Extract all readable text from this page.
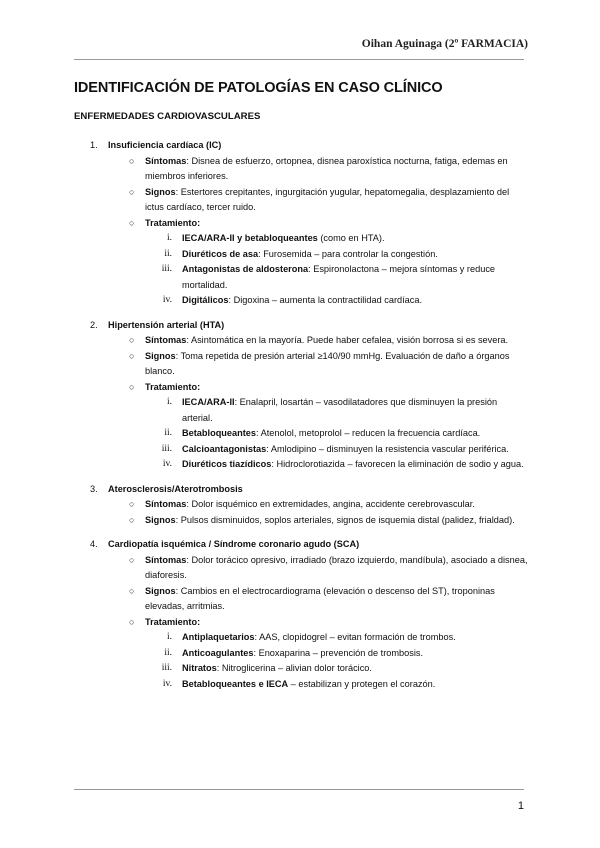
Oihan Aguinaga (2º FARMACIA)
IDENTIFICACIÓN DE PATOLOGÍAS EN CASO CLÍNICO
ENFERMEDADES CARDIOVASCULARES
1. Insuficiencia cardíaca (IC)
○ Síntomas: Disnea de esfuerzo, ortopnea, disnea paroxística nocturna, fatiga, edemas en miembros inferiores.
○ Signos: Estertores crepitantes, ingurgitación yugular, hepatomegalia, desplazamiento del ictus cardíaco, tercer ruido.
○ Tratamiento:
i. IECA/ARA-II y betabloqueantes (como en HTA).
ii. Diuréticos de asa: Furosemida – para controlar la congestión.
iii. Antagonistas de aldosterona: Espironolactona – mejora síntomas y reduce mortalidad.
iv. Digitálicos: Digoxina – aumenta la contractilidad cardíaca.
2. Hipertensión arterial (HTA)
○ Síntomas: Asintomática en la mayoría. Puede haber cefalea, visión borrosa si es severa.
○ Signos: Toma repetida de presión arterial ≥140/90 mmHg. Evaluación de daño a órganos blanco.
○ Tratamiento:
i. IECA/ARA-II: Enalapril, losartán – vasodilatadores que disminuyen la presión arterial.
ii. Betabloqueantes: Atenolol, metoprolol – reducen la frecuencia cardíaca.
iii. Calcioantagonistas: Amlodipino – disminuyen la resistencia vascular periférica.
iv. Diuréticos tiazídicos: Hidroclorotiazida – favorecen la eliminación de sodio y agua.
3. Aterosclerosis/Aterotrombosis
○ Síntomas: Dolor isquémico en extremidades, angina, accidente cerebrovascular.
○ Signos: Pulsos disminuidos, soplos arteriales, signos de isquemia distal (palidez, frialdad).
4. Cardiopatía isquémica / Síndrome coronario agudo (SCA)
○ Síntomas: Dolor torácico opresivo, irradiado (brazo izquierdo, mandíbula), asociado a disnea, diaforesis.
○ Signos: Cambios en el electrocardiograma (elevación o descenso del ST), troponinas elevadas, arritmias.
○ Tratamiento:
i. Antiplaquetarios: AAS, clopidogrel – evitan formación de trombos.
ii. Anticoagulantes: Enoxaparina – prevención de trombosis.
iii. Nitratos: Nitroglicerina – alivian dolor torácico.
iv. Betabloqueantes e IECA – estabilizan y protegen el corazón.
1
